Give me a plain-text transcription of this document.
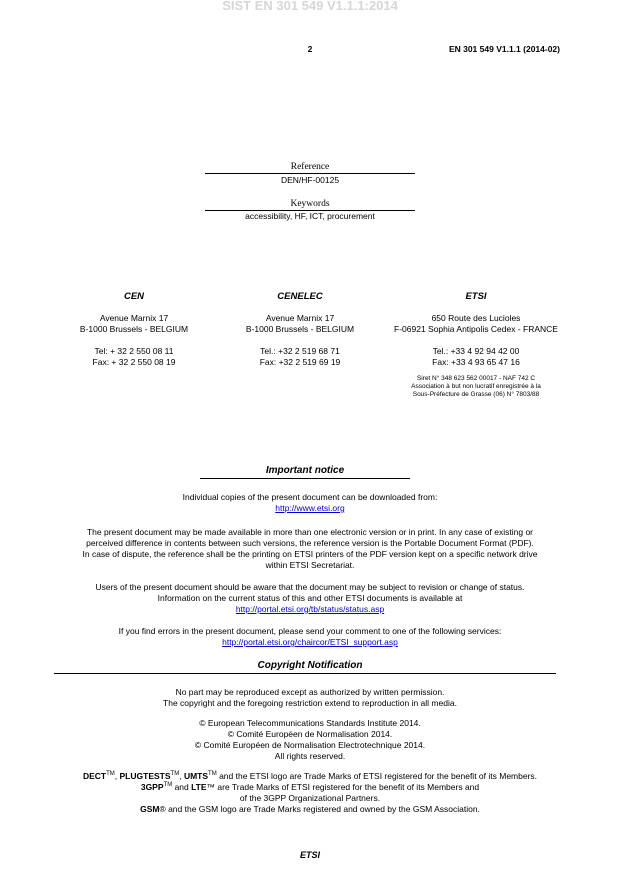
SIST EN 301 549 V1.1.1:2014
2	EN 301 549 V1.1.1 (2014-02)
Reference
DEN/HF-00125
Keywords
accessibility, HF, ICT, procurement
CEN
Avenue Marnix 17
B-1000 Brussels - BELGIUM
Tel: + 32 2 550 08 11
Fax: + 32 2 550 08 19
CENELEC
Avenue Marnix 17
B-1000 Brussels - BELGIUM
Tel.: +32 2 519 68 71
Fax: +32 2 519 69 19
ETSI
650 Route des Lucioles
F-06921 Sophia Antipolis Cedex - FRANCE
Tel.: +33 4 92 94 42 00
Fax: +33 4 93 65 47 16
Siret N° 348 623 562 00017 - NAF 742 C
Association à but non lucratif enregistrée à la
Sous-Préfecture de Grasse (06) N° 7803/88
Important notice
Individual copies of the present document can be downloaded from:
http://www.etsi.org
The present document may be made available in more than one electronic version or in print. In any case of existing or
perceived difference in contents between such versions, the reference version is the Portable Document Format (PDF).
In case of dispute, the reference shall be the printing on ETSI printers of the PDF version kept on a specific network drive
within ETSI Secretariat.
Users of the present document should be aware that the document may be subject to revision or change of status.
Information on the current status of this and other ETSI documents is available at
http://portal.etsi.org/tb/status/status.asp
If you find errors in the present document, please send your comment to one of the following services:
http://portal.etsi.org/chaircor/ETSI_support.asp
Copyright Notification
No part may be reproduced except as authorized by written permission.
The copyright and the foregoing restriction extend to reproduction in all media.
© European Telecommunications Standards Institute 2014.
© Comité Européen de Normalisation 2014.
© Comité Européen de Normalisation Electrotechnique 2014.
All rights reserved.
DECT™, PLUGTESTS™, UMTS™ and the ETSI logo are Trade Marks of ETSI registered for the benefit of its Members.
3GPP™ and LTE™ are Trade Marks of ETSI registered for the benefit of its Members and
of the 3GPP Organizational Partners.
GSM® and the GSM logo are Trade Marks registered and owned by the GSM Association.
ETSI
